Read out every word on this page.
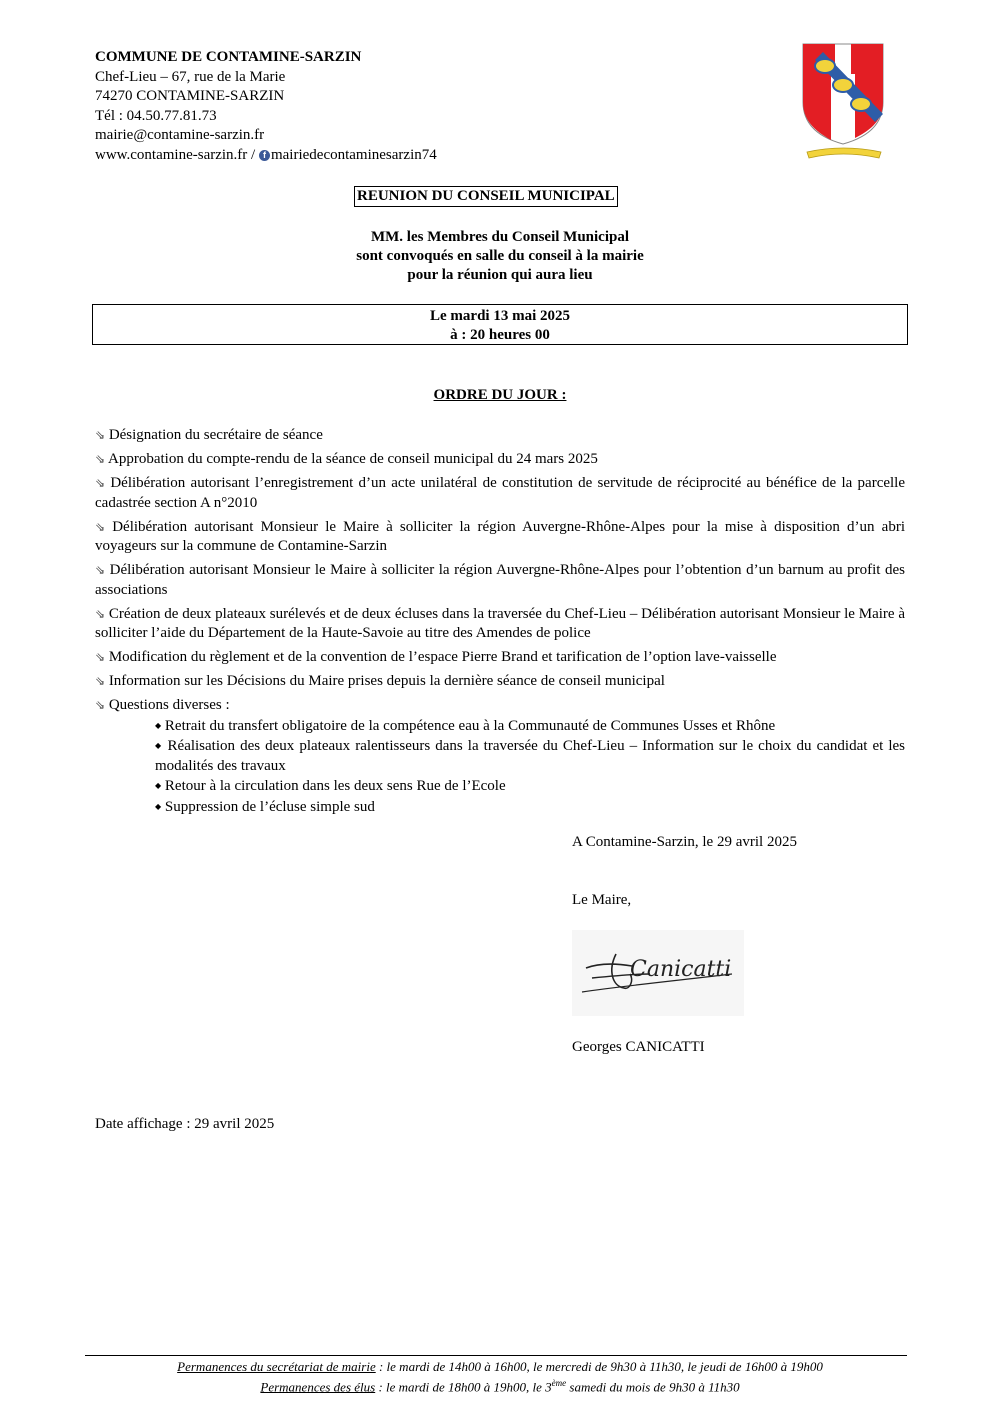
COMMUNE DE CONTAMINE-SARZIN
Chef-Lieu – 67, rue de la Marie
74270 CONTAMINE-SARZIN
Tél : 04.50.77.81.73
mairie@contamine-sarzin.fr
www.contamine-sarzin.fr / f mairiedecontaminesarzin74
REUNION DU CONSEIL MUNICIPAL
MM. les Membres du Conseil Municipal
sont convoqués en salle du conseil à la mairie
pour la réunion qui aura lieu
Le mardi 13 mai 2025
à : 20 heures 00
ORDRE DU JOUR :
⇘ Désignation du secrétaire de séance
⇘ Approbation du compte-rendu de la séance de conseil municipal du 24 mars 2025
⇘ Délibération autorisant l’enregistrement d’un acte unilatéral de constitution de servitude de réciprocité au bénéfice de la parcelle cadastrée section A n°2010
⇘ Délibération autorisant Monsieur le Maire à solliciter la région Auvergne-Rhône-Alpes pour la mise à disposition d’un abri voyageurs sur la commune de Contamine-Sarzin
⇘ Délibération autorisant Monsieur le Maire à solliciter la région Auvergne-Rhône-Alpes pour l’obtention d’un barnum au profit des associations
⇘ Création de deux plateaux surélevés et de deux écluses dans la traversée du Chef-Lieu – Délibération autorisant Monsieur le Maire à solliciter l’aide du Département de la Haute-Savoie au titre des Amendes de police
⇘ Modification du règlement et de la convention de l’espace Pierre Brand et tarification de l’option lave-vaisselle
⇘ Information sur les Décisions du Maire prises depuis la dernière séance de conseil municipal
⇘ Questions diverses :
◆ Retrait du transfert obligatoire de la compétence eau à la Communauté de Communes Usses et Rhône
◆ Réalisation des deux plateaux ralentisseurs dans la traversée du Chef-Lieu – Information sur le choix du candidat et les modalités des travaux
◆ Retour à la circulation dans les deux sens Rue de l’Ecole
◆ Suppression de l’écluse simple sud
A Contamine-Sarzin, le 29 avril 2025
Le Maire,
Canicatti
Georges CANICATTI
Date affichage : 29 avril 2025
Permanences du secrétariat de mairie : le mardi de 14h00 à 16h00, le mercredi de 9h30 à 11h30, le jeudi de 16h00 à 19h00
Permanences des élus : le mardi de 18h00 à 19h00, le 3ème samedi du mois de 9h30 à 11h30
